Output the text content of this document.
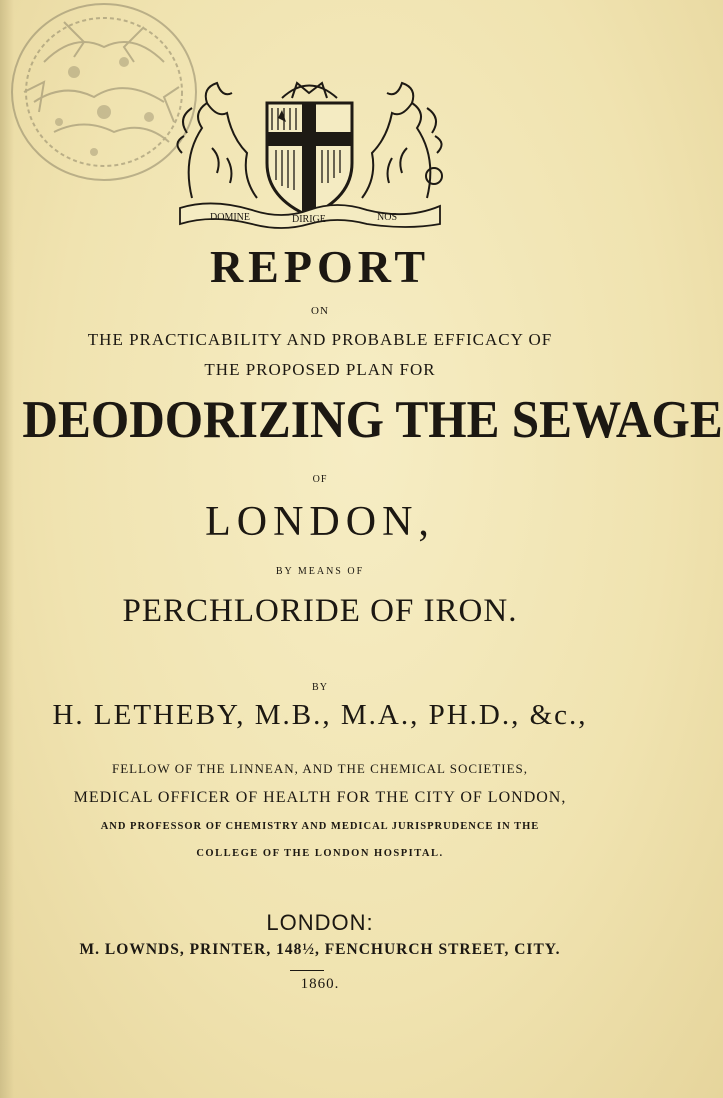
DOMINE	DIRIGE	NOS
REPORT
ON
THE PRACTICABILITY AND PROBABLE EFFICACY OF
THE PROPOSED PLAN FOR
DEODORIZING THE SEWAGE
OF
LONDON,
BY MEANS OF
PERCHLORIDE OF IRON.
BY
H. LETHEBY, M.B., M.A., PH.D., &c.,
FELLOW OF THE LINNEAN, AND THE CHEMICAL SOCIETIES,
MEDICAL OFFICER OF HEALTH FOR THE CITY OF LONDON,
AND PROFESSOR OF CHEMISTRY AND MEDICAL JURISPRUDENCE IN THE
COLLEGE OF THE LONDON HOSPITAL.
LONDON:
M. LOWNDS, PRINTER, 148½, FENCHURCH STREET, CITY.
1860.
